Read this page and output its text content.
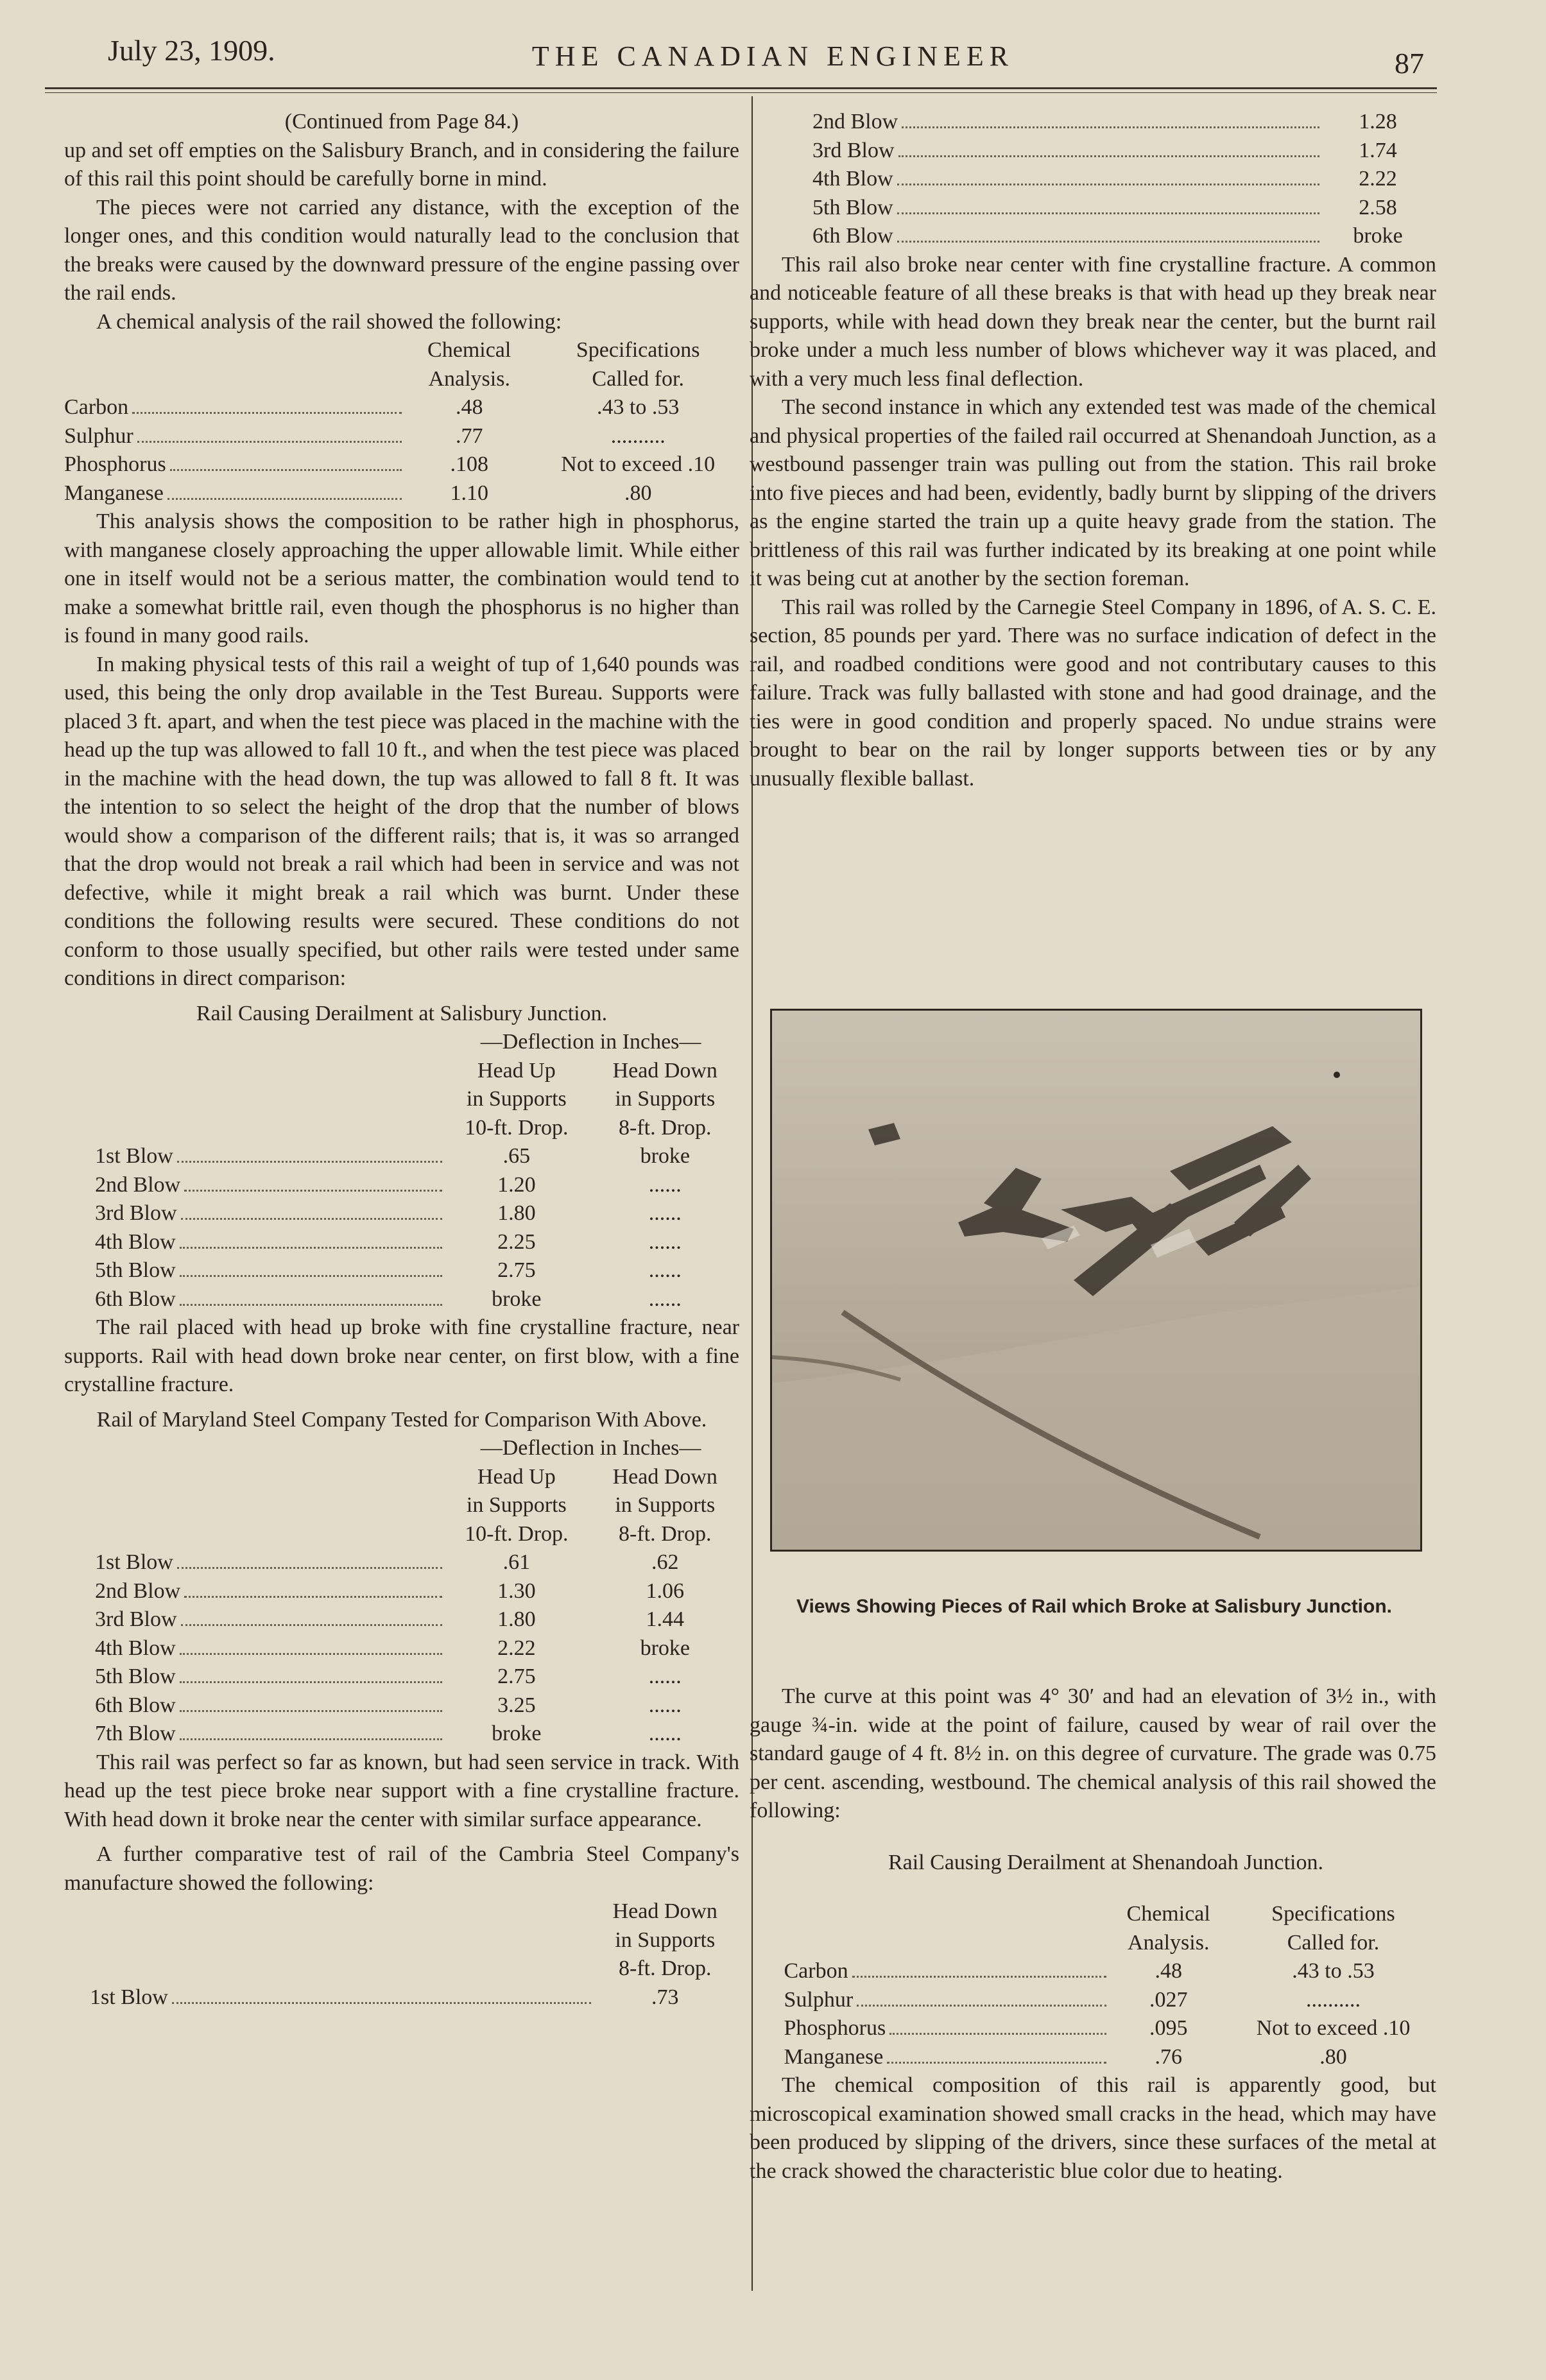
July 23, 1909.	THE CANADIAN ENGINEER	87
(Continued from Page 84.)

up and set off empties on the Salisbury Branch, and in considering the failure of this rail this point should be carefully borne in mind.

The pieces were not carried any distance, with the exception of the longer ones, and this condition would naturally lead to the conclusion that the breaks were caused by the downward pressure of the engine passing over the rail ends.

A chemical analysis of the rail showed the following:

	Chemical	Specifications
	Analysis.	Called for.

Carbon	.48	.43 to .53

Sulphur	.77	..........

Phosphorus	.108	Not to exceed .10

Manganese	1.10	.80

This analysis shows the composition to be rather high in phosphorus, with manganese closely approaching the upper allowable limit. While either one in itself would not be a serious matter, the combination would tend to make a somewhat brittle rail, even though the phosphorus is no higher than is found in many good rails.

In making physical tests of this rail a weight of tup of 1,640 pounds was used, this being the only drop available in the Test Bureau. Supports were placed 3 ft. apart, and when the test piece was placed in the machine with the head up the tup was allowed to fall 10 ft., and when the test piece was placed in the machine with the head down, the tup was allowed to fall 8 ft. It was the intention to so select the height of the drop that the number of blows would show a comparison of the different rails; that is, it was so arranged that the drop would not break a rail which had been in service and was not defective, while it might break a rail which was burnt. Under these conditions the following results were secured. These conditions do not conform to those usually specified, but other rails were tested under same conditions in direct comparison:

Rail Causing Derailment at Salisbury Junction.
	—Deflection in Inches—	
	Head Up	Head Down
	in Supports	in Supports
	10-ft. Drop.	8-ft. Drop.

1st Blow	.65	broke

2nd Blow	1.20	......

3rd Blow	1.80	......

4th Blow	2.25	......

5th Blow	2.75	......

6th Blow	broke	......

The rail placed with head up broke with fine crystalline fracture, near supports. Rail with head down broke near center, on first blow, with a fine crystalline fracture.

Rail of Maryland Steel Company Tested for Comparison With Above.
	—Deflection in Inches—	
	Head Up	Head Down
	in Supports	in Supports
	10-ft. Drop.	8-ft. Drop.

1st Blow	.61	.62

2nd Blow	1.30	1.06

3rd Blow	1.80	1.44

4th Blow	2.22	broke

5th Blow	2.75	......

6th Blow	3.25	......

7th Blow	broke	......

This rail was perfect so far as known, but had seen service in track. With head up the test piece broke near support with a fine crystalline fracture. With head down it broke near the center with similar surface appearance.

A further comparative test of rail of the Cambria Steel Company's manufacture showed the following:

	Head Down
	in Supports
	8-ft. Drop.

1st Blow	.73
2nd Blow	1.28

3rd Blow	1.74

4th Blow	2.22

5th Blow	2.58

6th Blow	broke

This rail also broke near center with fine crystalline fracture. A common and noticeable feature of all these breaks is that with head up they break near supports, while with head down they break near the center, but the burnt rail broke under a much less number of blows whichever way it was placed, and with a very much less final deflection.

The second instance in which any extended test was made of the chemical and physical properties of the failed rail occurred at Shenandoah Junction, as a westbound passenger train was pulling out from the station. This rail broke into five pieces and had been, evidently, badly burnt by slipping of the drivers as the engine started the train up a quite heavy grade from the station. The brittleness of this rail was further indicated by its breaking at one point while it was being cut at another by the section foreman.

This rail was rolled by the Carnegie Steel Company in 1896, of A. S. C. E. section, 85 pounds per yard. There was no surface indication of defect in the rail, and roadbed conditions were good and not contributary causes to this failure. Track was fully ballasted with stone and had good drainage, and the ties were in good condition and properly spaced. No undue strains were brought to bear on the rail by longer supports between ties or by any unusually flexible ballast.

Views Showing Pieces of Rail which Broke at Salisbury Junction.

The curve at this point was 4° 30′ and had an elevation of 3½ in., with gauge ¾-in. wide at the point of failure, caused by wear of rail over the standard gauge of 4 ft. 8½ in. on this degree of curvature. The grade was 0.75 per cent. ascending, westbound. The chemical analysis of this rail showed the following:

Rail Causing Derailment at Shenandoah Junction.
		Chemical	Specifications
		Analysis.	Called for.

	Carbon	.48	.43 to .53

	Sulphur	.027	..........

	Phosphorus	.095	Not to exceed .10

	Manganese	.76	.80

The chemical composition of this rail is apparently good, but microscopical examination showed small cracks in the head, which may have been produced by slipping of the drivers, since these surfaces of the metal at the crack showed the characteristic blue color due to heating.
